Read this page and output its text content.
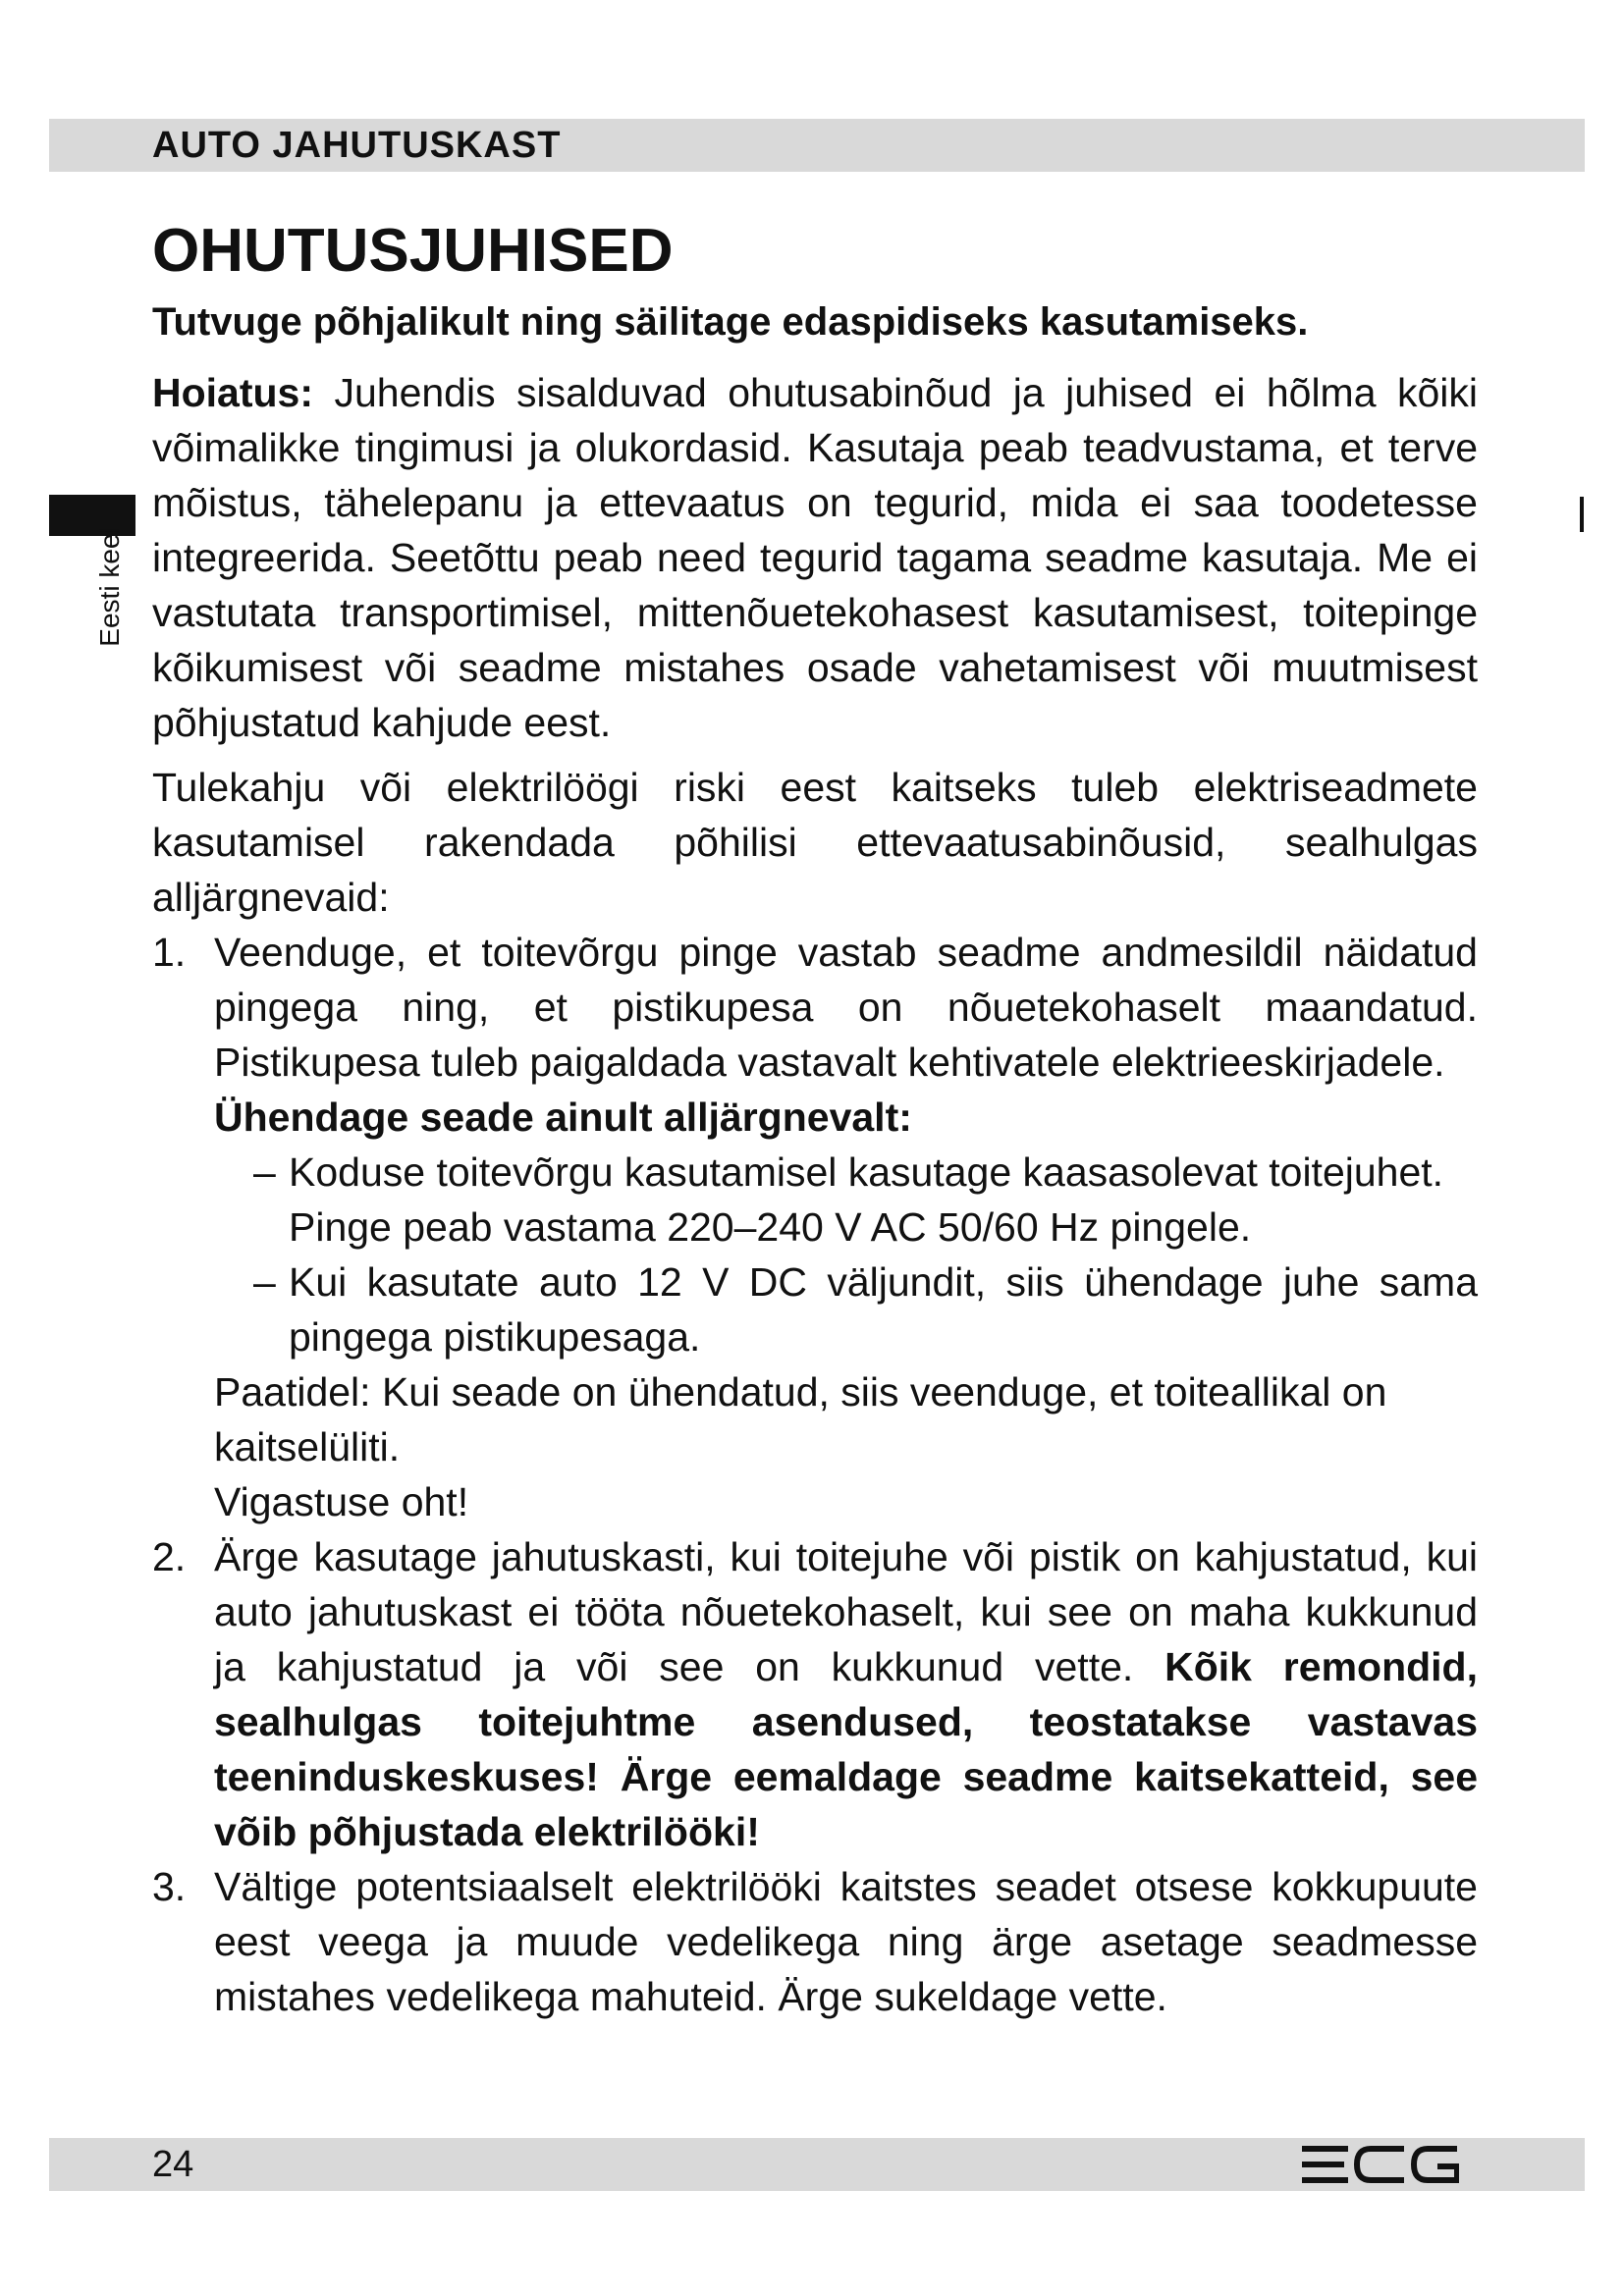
AUTO JAHUTUSKAST
Eesti keel
OHUTUSJUHISED

Tutvuge põhjalikult ning säilitage edaspidiseks kasutamiseks.

Hoiatus: Juhendis sisalduvad ohutusabinõud ja juhised ei hõlma kõiki võimalikke tingimusi ja olukordasid. Kasutaja peab teadvustama, et terve mõistus, tähelepanu ja ettevaatus on tegurid, mida ei saa toodetesse integreerida. Seetõttu peab need tegurid tagama seadme kasutaja. Me ei vastutata transportimisel, mittenõuetekohasest kasutamisest, toitepinge kõikumisest või seadme mistahes osade vahetamisest või muutmisest põhjustatud kahjude eest.

Tulekahju või elektrilöögi riski eest kaitseks tuleb elektriseadmete kasutamisel rakendada põhilisi ettevaatusabinõusid, sealhulgas alljärgnevaid:

1. Veenduge, et toitevõrgu pinge vastab seadme andmesildil näidatud pingega ning, et pistikupesa on nõuetekohaselt maandatud. Pistikupesa tuleb paigaldada vastavalt kehtivatele elektrieeskirjadele.

Ühendage seade ainult alljärgnevalt:

– Koduse toitevõrgu kasutamisel kasutage kaasasolevat toitejuhet. Pinge peab vastama 220–240 V AC 50/60 Hz pingele.

– Kui kasutate auto 12 V DC väljundit, siis ühendage juhe sama pingega pistikupesaga.

Paatidel: Kui seade on ühendatud, siis veenduge, et toiteallikal on kaitselüliti.

Vigastuse oht!

2. Ärge kasutage jahutuskasti, kui toitejuhe või pistik on kahjustatud, kui auto jahutuskast ei tööta nõuetekohaselt, kui see on maha kukkunud ja kahjustatud ja või see on kukkunud vette. Kõik remondid, sealhulgas toitejuhtme asendused, teostatakse vastavas teeninduskeskuses! Ärge eemaldage seadme kaitsekatteid, see võib põhjustada elektrilööki!

3. Vältige potentsiaalselt elektrilööki kaitstes seadet otsese kokkupuute eest veega ja muude vedelikega ning ärge asetage seadmesse mistahes vedelikega mahuteid. Ärge sukeldage vette.

24
